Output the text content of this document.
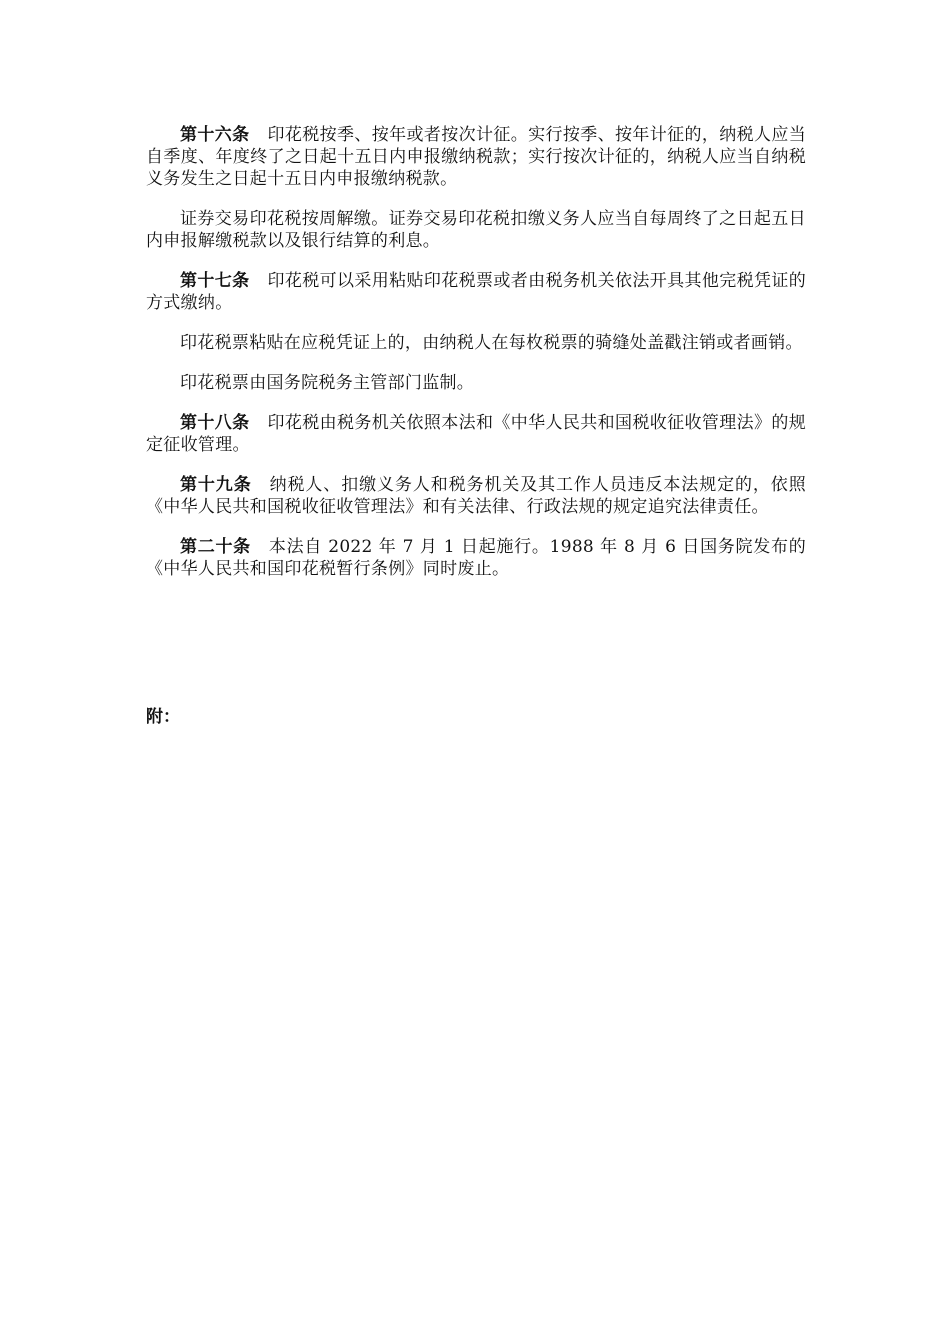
第十六条 印花税按季、按年或者按次计征。实行按季、按年计征的，纳税人应当自季度、年度终了之日起十五日内申报缴纳税款；实行按次计征的，纳税人应当自纳税义务发生之日起十五日内申报缴纳税款。

证券交易印花税按周解缴。证券交易印花税扣缴义务人应当自每周终了之日起五日内申报解缴税款以及银行结算的利息。

第十七条 印花税可以采用粘贴印花税票或者由税务机关依法开具其他完税凭证的方式缴纳。

印花税票粘贴在应税凭证上的，由纳税人在每枚税票的骑缝处盖戳注销或者画销。

印花税票由国务院税务主管部门监制。

第十八条 印花税由税务机关依照本法和《中华人民共和国税收征收管理法》的规定征收管理。

第十九条 纳税人、扣缴义务人和税务机关及其工作人员违反本法规定的，依照《中华人民共和国税收征收管理法》和有关法律、行政法规的规定追究法律责任。

第二十条 本法自 2022 年 7 月 1 日起施行。1988 年 8 月 6 日国务院发布的《中华人民共和国印花税暂行条例》同时废止。

附：
